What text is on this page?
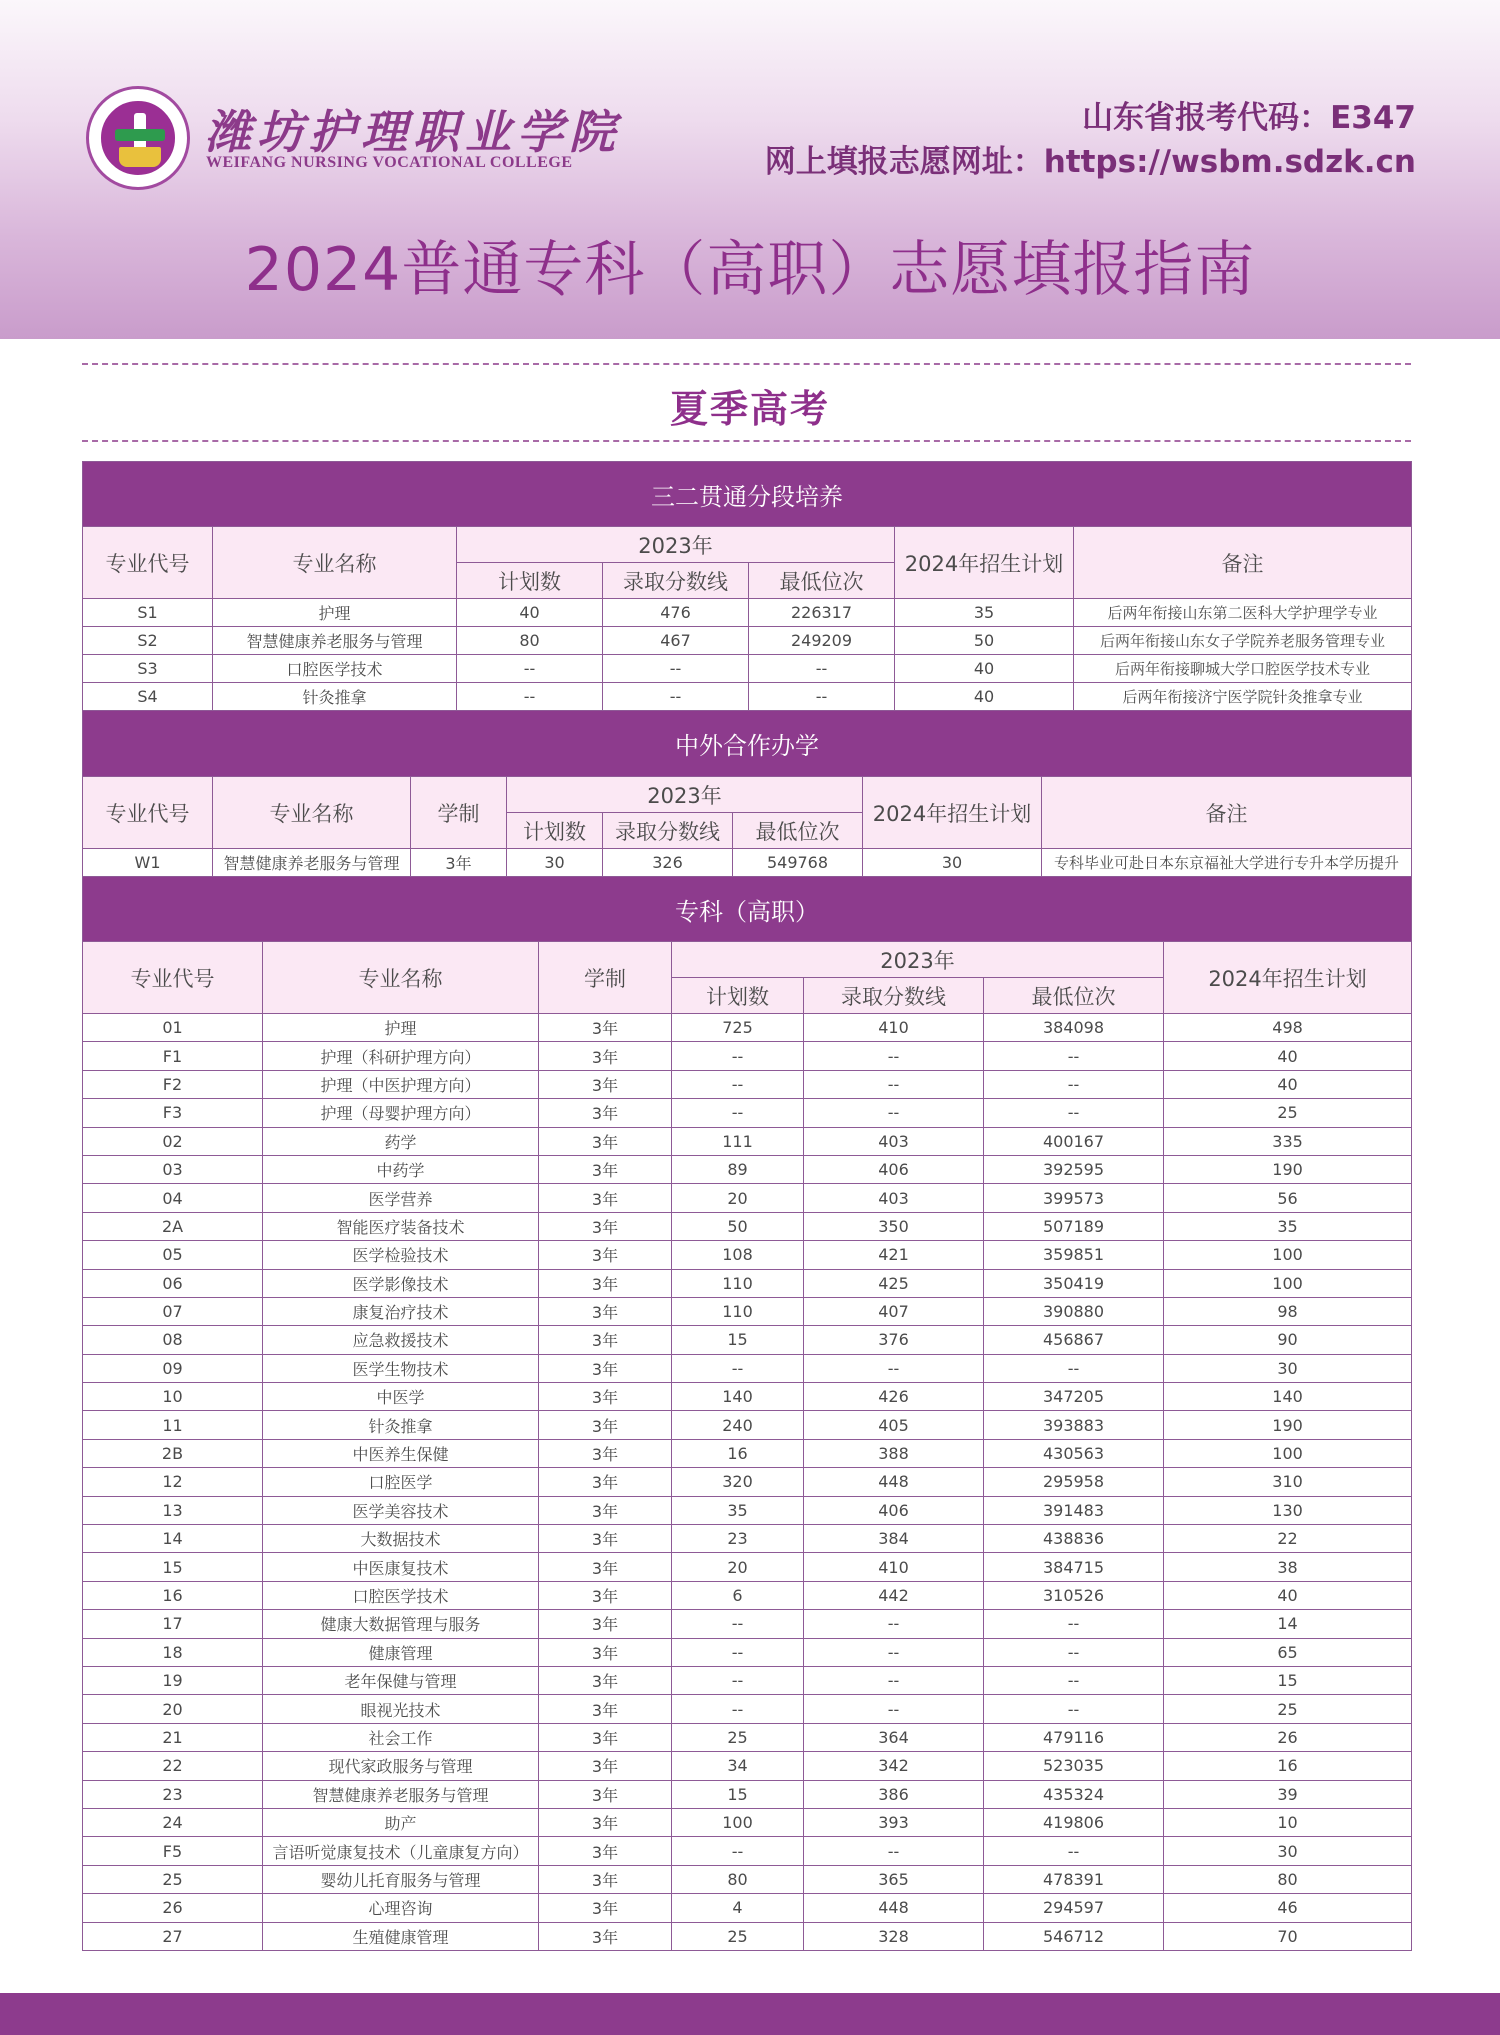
潍坊护理职业学院
WEIFANG NURSING VOCATIONAL COLLEGE
山东省报考代码：E347
网上填报志愿网址：https://wsbm.sdzk.cn
2024普通专科（高职）志愿填报指南
夏季高考
三二贯通分段培养						
专业代号	专业名称	2023年			2024年招生计划	备注
		计划数	录取分数线	最低位次		
S1	护理	40	476	226317	35	后两年衔接山东第二医科大学护理学专业
S2	智慧健康养老服务与管理	80	467	249209	50	后两年衔接山东女子学院养老服务管理专业
S3	口腔医学技术	--	--	--	40	后两年衔接聊城大学口腔医学技术专业
S4	针灸推拿	--	--	--	40	后两年衔接济宁医学院针灸推拿专业
中外合作办学							
专业代号	专业名称	学制	2023年			2024年招生计划	备注
			计划数	录取分数线	最低位次		
W1	智慧健康养老服务与管理	3年	30	326	549768	30	专科毕业可赴日本东京福祉大学进行专升本学历提升
专科（高职）						
专业代号	专业名称	学制	2023年			2024年招生计划
			计划数	录取分数线	最低位次	
01	护理	3年	725	410	384098	498
F1	护理（科研护理方向）	3年	--	--	--	40
F2	护理（中医护理方向）	3年	--	--	--	40
F3	护理（母婴护理方向）	3年	--	--	--	25
02	药学	3年	111	403	400167	335
03	中药学	3年	89	406	392595	190
04	医学营养	3年	20	403	399573	56
2A	智能医疗装备技术	3年	50	350	507189	35
05	医学检验技术	3年	108	421	359851	100
06	医学影像技术	3年	110	425	350419	100
07	康复治疗技术	3年	110	407	390880	98
08	应急救援技术	3年	15	376	456867	90
09	医学生物技术	3年	--	--	--	30
10	中医学	3年	140	426	347205	140
11	针灸推拿	3年	240	405	393883	190
2B	中医养生保健	3年	16	388	430563	100
12	口腔医学	3年	320	448	295958	310
13	医学美容技术	3年	35	406	391483	130
14	大数据技术	3年	23	384	438836	22
15	中医康复技术	3年	20	410	384715	38
16	口腔医学技术	3年	6	442	310526	40
17	健康大数据管理与服务	3年	--	--	--	14
18	健康管理	3年	--	--	--	65
19	老年保健与管理	3年	--	--	--	15
20	眼视光技术	3年	--	--	--	25
21	社会工作	3年	25	364	479116	26
22	现代家政服务与管理	3年	34	342	523035	16
23	智慧健康养老服务与管理	3年	15	386	435324	39
24	助产	3年	100	393	419806	10
F5	言语听觉康复技术（儿童康复方向）	3年	--	--	--	30
25	婴幼儿托育服务与管理	3年	80	365	478391	80
26	心理咨询	3年	4	448	294597	46
27	生殖健康管理	3年	25	328	546712	70
